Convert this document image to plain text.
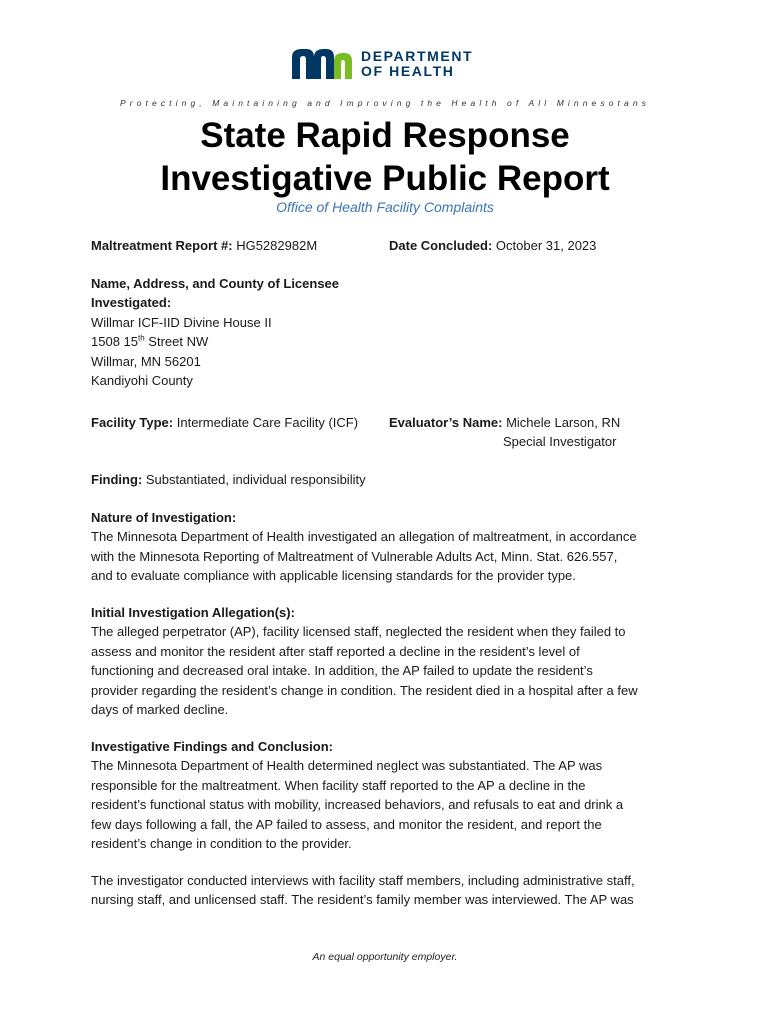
DEPARTMENT
OF HEALTH
Protecting, Maintaining and Improving the Health of All Minnesotans
State Rapid Response
Investigative Public Report
Office of Health Facility Complaints
Maltreatment Report #: HG5282982M	Date Concluded: October 31, 2023

Name, Address, and County of Licensee

Investigated:

Willmar ICF-IID Divine House II

1508 15th Street NW

Willmar, MN 56201

Kandiyohi County

Facility Type: Intermediate Care Facility (ICF) Evaluator’s Name: Michele Larson, RN

Special Investigator

Finding: Substantiated, individual responsibility

Nature of Investigation:

The Minnesota Department of Health investigated an allegation of maltreatment, in accordance

with the Minnesota Reporting of Maltreatment of Vulnerable Adults Act, Minn. Stat. 626.557,

and to evaluate compliance with applicable licensing standards for the provider type.

Initial Investigation Allegation(s):

The alleged perpetrator (AP), facility licensed staff, neglected the resident when they failed to

assess and monitor the resident after staff reported a decline in the resident’s level of

functioning and decreased oral intake. In addition, the AP failed to update the resident’s

provider regarding the resident’s change in condition. The resident died in a hospital after a few

days of marked decline.

Investigative Findings and Conclusion:

The Minnesota Department of Health determined neglect was substantiated. The AP was

responsible for the maltreatment. When facility staff reported to the AP a decline in the

resident’s functional status with mobility, increased behaviors, and refusals to eat and drink a

few days following a fall, the AP failed to assess, and monitor the resident, and report the

resident’s change in condition to the provider.

The investigator conducted interviews with facility staff members, including administrative staff,

nursing staff, and unlicensed staff. The resident’s family member was interviewed. The AP was

An equal opportunity employer.
